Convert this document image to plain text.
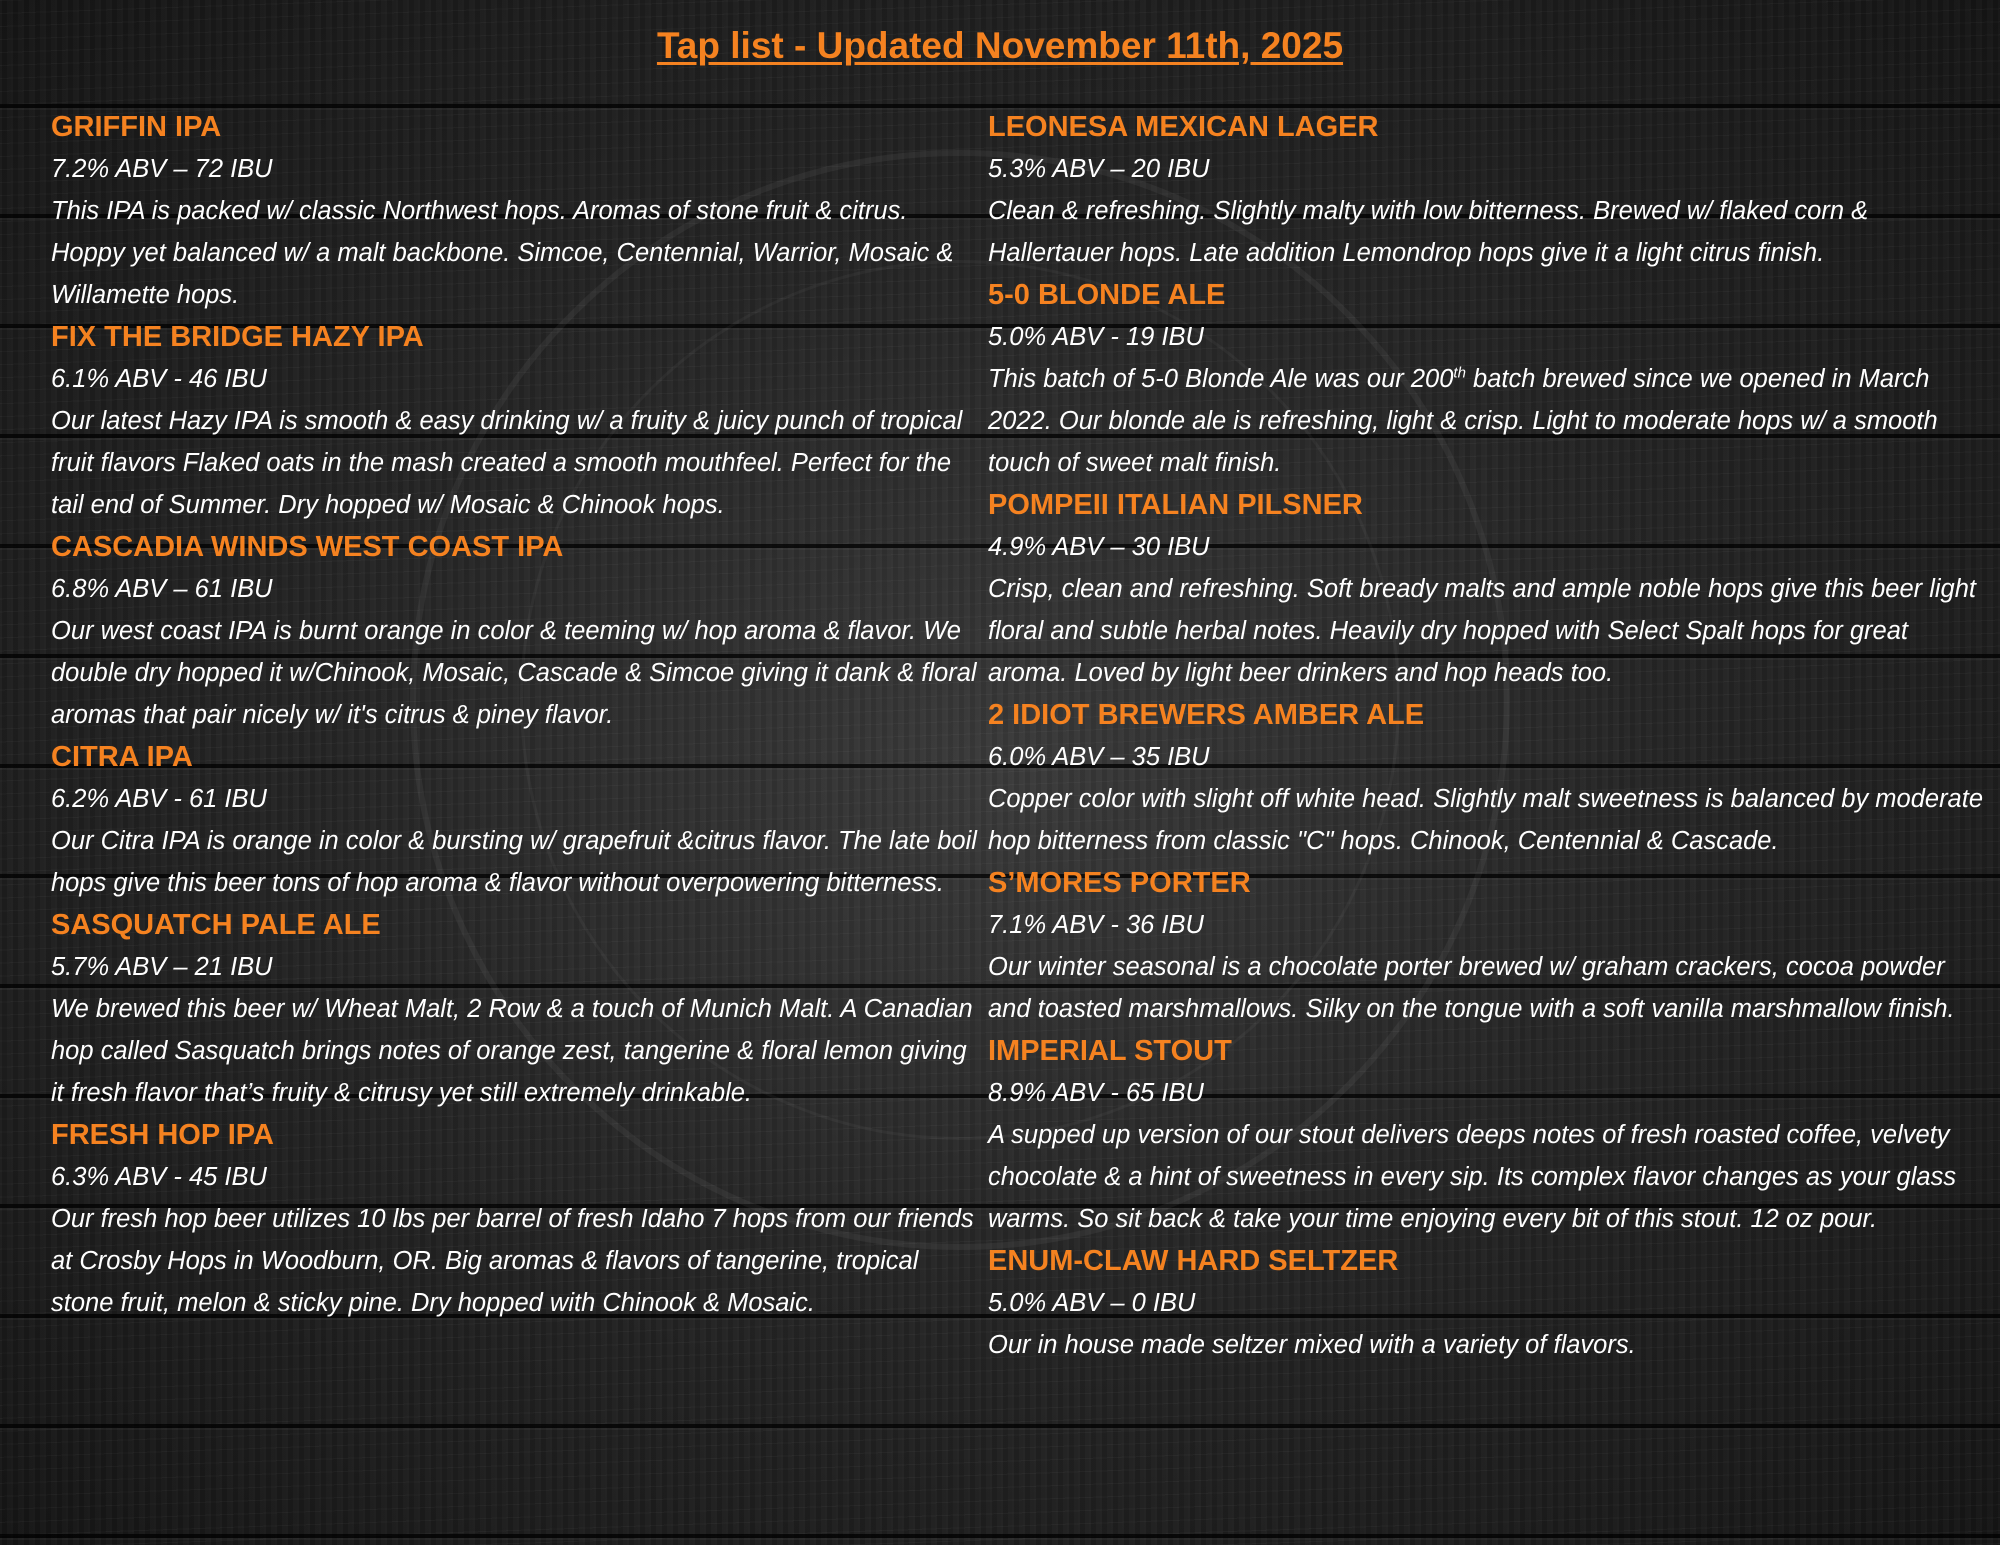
Tap list - Updated November 11th, 2025

GRIFFIN IPA

7.2% ABV – 72 IBU

This IPA is packed w/ classic Northwest hops. Aromas of stone fruit & citrus. Hoppy yet balanced w/ a malt backbone. Simcoe, Centennial, Warrior, Mosaic & Willamette hops.

FIX THE BRIDGE HAZY IPA

6.1% ABV - 46 IBU

Our latest Hazy IPA is smooth & easy drinking w/ a fruity & juicy punch of tropical fruit flavors Flaked oats in the mash created a smooth mouthfeel. Perfect for the tail end of Summer. Dry hopped w/ Mosaic & Chinook hops.

CASCADIA WINDS WEST COAST IPA

6.8% ABV – 61 IBU

Our west coast IPA is burnt orange in color & teeming w/ hop aroma & flavor. We double dry hopped it w/Chinook, Mosaic, Cascade & Simcoe giving it dank & floral aromas that pair nicely w/ it's citrus & piney flavor.

CITRA IPA

6.2% ABV - 61 IBU

Our Citra IPA is orange in color & bursting w/ grapefruit &citrus flavor. The late boil hops give this beer tons of hop aroma & flavor without overpowering bitterness.

SASQUATCH PALE ALE

5.7% ABV – 21 IBU

We brewed this beer w/ Wheat Malt, 2 Row & a touch of Munich Malt. A Canadian hop called Sasquatch brings notes of orange zest, tangerine & floral lemon giving it fresh flavor that’s fruity & citrusy yet still extremely drinkable.

FRESH HOP IPA

6.3% ABV - 45 IBU

Our fresh hop beer utilizes 10 lbs per barrel of fresh Idaho 7 hops from our friends at Crosby Hops in Woodburn, OR. Big aromas & flavors of tangerine, tropical stone fruit, melon & sticky pine. Dry hopped with Chinook & Mosaic.

LEONESA MEXICAN LAGER

5.3% ABV – 20 IBU

Clean & refreshing. Slightly malty with low bitterness. Brewed w/ flaked corn & Hallertauer hops. Late addition Lemondrop hops give it a light citrus finish.

5-0 BLONDE ALE

5.0% ABV - 19 IBU

This batch of 5-0 Blonde Ale was our 200th batch brewed since we opened in March 2022. Our blonde ale is refreshing, light & crisp. Light to moderate hops w/ a smooth touch of sweet malt finish.

POMPEII ITALIAN PILSNER

4.9% ABV – 30 IBU

Crisp, clean and refreshing. Soft bready malts and ample noble hops give this beer light floral and subtle herbal notes. Heavily dry hopped with Select Spalt hops for great aroma. Loved by light beer drinkers and hop heads too.

2 IDIOT BREWERS AMBER ALE

6.0% ABV – 35 IBU

Copper color with slight off white head. Slightly malt sweetness is balanced by moderate hop bitterness from classic "C" hops. Chinook, Centennial & Cascade.

S’MORES PORTER

7.1% ABV - 36 IBU

Our winter seasonal is a chocolate porter brewed w/ graham crackers, cocoa powder and toasted marshmallows. Silky on the tongue with a soft vanilla marshmallow finish.

IMPERIAL STOUT

8.9% ABV - 65 IBU

A supped up version of our stout delivers deeps notes of fresh roasted coffee, velvety chocolate & a hint of sweetness in every sip. Its complex flavor changes as your glass warms. So sit back & take your time enjoying every bit of this stout. 12 oz pour.

ENUM-CLAW HARD SELTZER

5.0% ABV – 0 IBU

Our in house made seltzer mixed with a variety of flavors.
